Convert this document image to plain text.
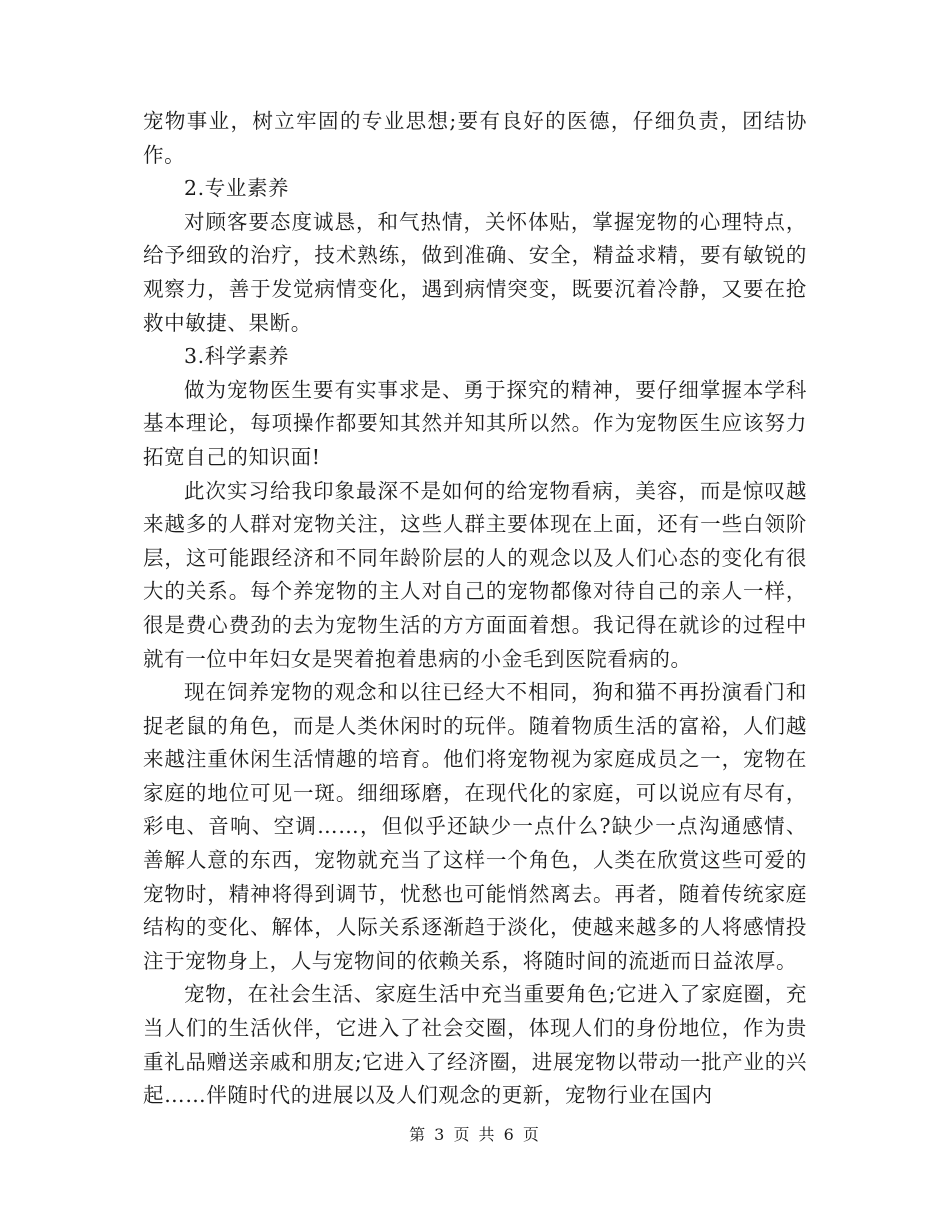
宠物事业，树立牢固的专业思想;要有良好的医德，仔细负责，团结协作。

2.专业素养

对顾客要态度诚恳，和气热情，关怀体贴，掌握宠物的心理特点，给予细致的治疗，技术熟练，做到准确、安全，精益求精，要有敏锐的观察力，善于发觉病情变化，遇到病情突变，既要沉着冷静，又要在抢救中敏捷、果断。

3.科学素养

做为宠物医生要有实事求是、勇于探究的精神，要仔细掌握本学科基本理论，每项操作都要知其然并知其所以然。作为宠物医生应该努力拓宽自己的知识面!

此次实习给我印象最深不是如何的给宠物看病，美容，而是惊叹越来越多的人群对宠物关注，这些人群主要体现在上面，还有一些白领阶层，这可能跟经济和不同年龄阶层的人的观念以及人们心态的变化有很大的关系。每个养宠物的主人对自己的宠物都像对待自己的亲人一样，很是费心费劲的去为宠物生活的方方面面着想。我记得在就诊的过程中就有一位中年妇女是哭着抱着患病的小金毛到医院看病的。

现在饲养宠物的观念和以往已经大不相同，狗和猫不再扮演看门和捉老鼠的角色，而是人类休闲时的玩伴。随着物质生活的富裕，人们越来越注重休闲生活情趣的培育。他们将宠物视为家庭成员之一，宠物在家庭的地位可见一斑。细细琢磨，在现代化的家庭，可以说应有尽有，彩电、音响、空调……，但似乎还缺少一点什么?缺少一点沟通感情、善解人意的东西，宠物就充当了这样一个角色，人类在欣赏这些可爱的宠物时，精神将得到调节，忧愁也可能悄然离去。再者，随着传统家庭结构的变化、解体，人际关系逐渐趋于淡化，使越来越多的人将感情投注于宠物身上，人与宠物间的依赖关系，将随时间的流逝而日益浓厚。

宠物，在社会生活、家庭生活中充当重要角色;它进入了家庭圈，充当人们的生活伙伴，它进入了社会交圈，体现人们的身份地位，作为贵重礼品赠送亲戚和朋友;它进入了经济圈，进展宠物以带动一批产业的兴起……伴随时代的进展以及人们观念的更新，宠物行业在国内

第 3 页 共 6 页
